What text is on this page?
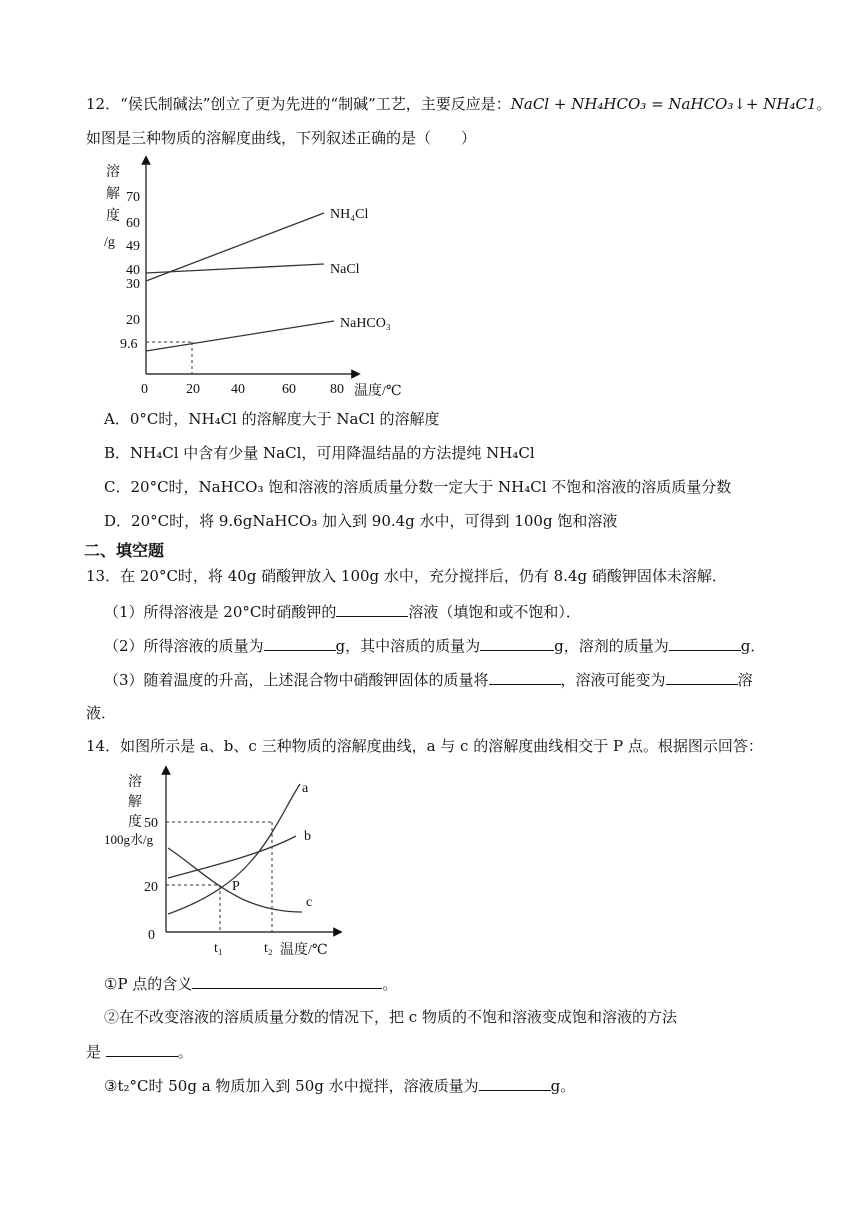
12．“侯氏制碱法”创立了更为先进的“制碱”工艺，主要反应是：NaCl + NH₄HCO₃ = NaHCO₃↓+ NH₄C1。
如图是三种物质的溶解度曲线，下列叙述正确的是（　　）
溶
解
度
/g
70
60
49
40
30
20
9.6
0	20 40	60 80 温度/℃
NH₄Cl
NaCl
NaHCO₃
A．0°C时，NH₄Cl 的溶解度大于 NaCl 的溶解度
B．NH₄Cl 中含有少量 NaCl，可用降温结晶的方法提纯 NH₄Cl
C．20°C时，NaHCO₃ 饱和溶液的溶质质量分数一定大于 NH₄Cl 不饱和溶液的溶质质量分数
D．20°C时，将 9.6gNaHCO₃ 加入到 90.4g 水中，可得到 100g 饱和溶液
二、填空题
13．在 20°C时，将 40g 硝酸钾放入 100g 水中，充分搅拌后，仍有 8.4g 硝酸钾固体未溶解．
（1）所得溶液是 20°C时硝酸钾的	溶液（填饱和或不饱和）．
（2）所得溶液的质量为	g，其中溶质的质量为	g，溶剂的质量为	g．
（3）随着温度的升高，上述混合物中硝酸钾固体的质量将	，溶液可能变为	溶
液．
14．如图所示是 a、b、c 三种物质的溶解度曲线，a 与 c 的溶解度曲线相交于 P 点。根据图示回答：
溶
解
度
100g水/g
50
20
0
t₁	t₂ 温度/℃
P
a
b
c
①P 点的含义	。
②在不改变溶液的溶质质量分数的情况下，把 c 物质的不饱和溶液变成饱和溶液的方法
是	。
③t₂°C时 50g a 物质加入到 50g 水中搅拌，溶液质量为	g。
